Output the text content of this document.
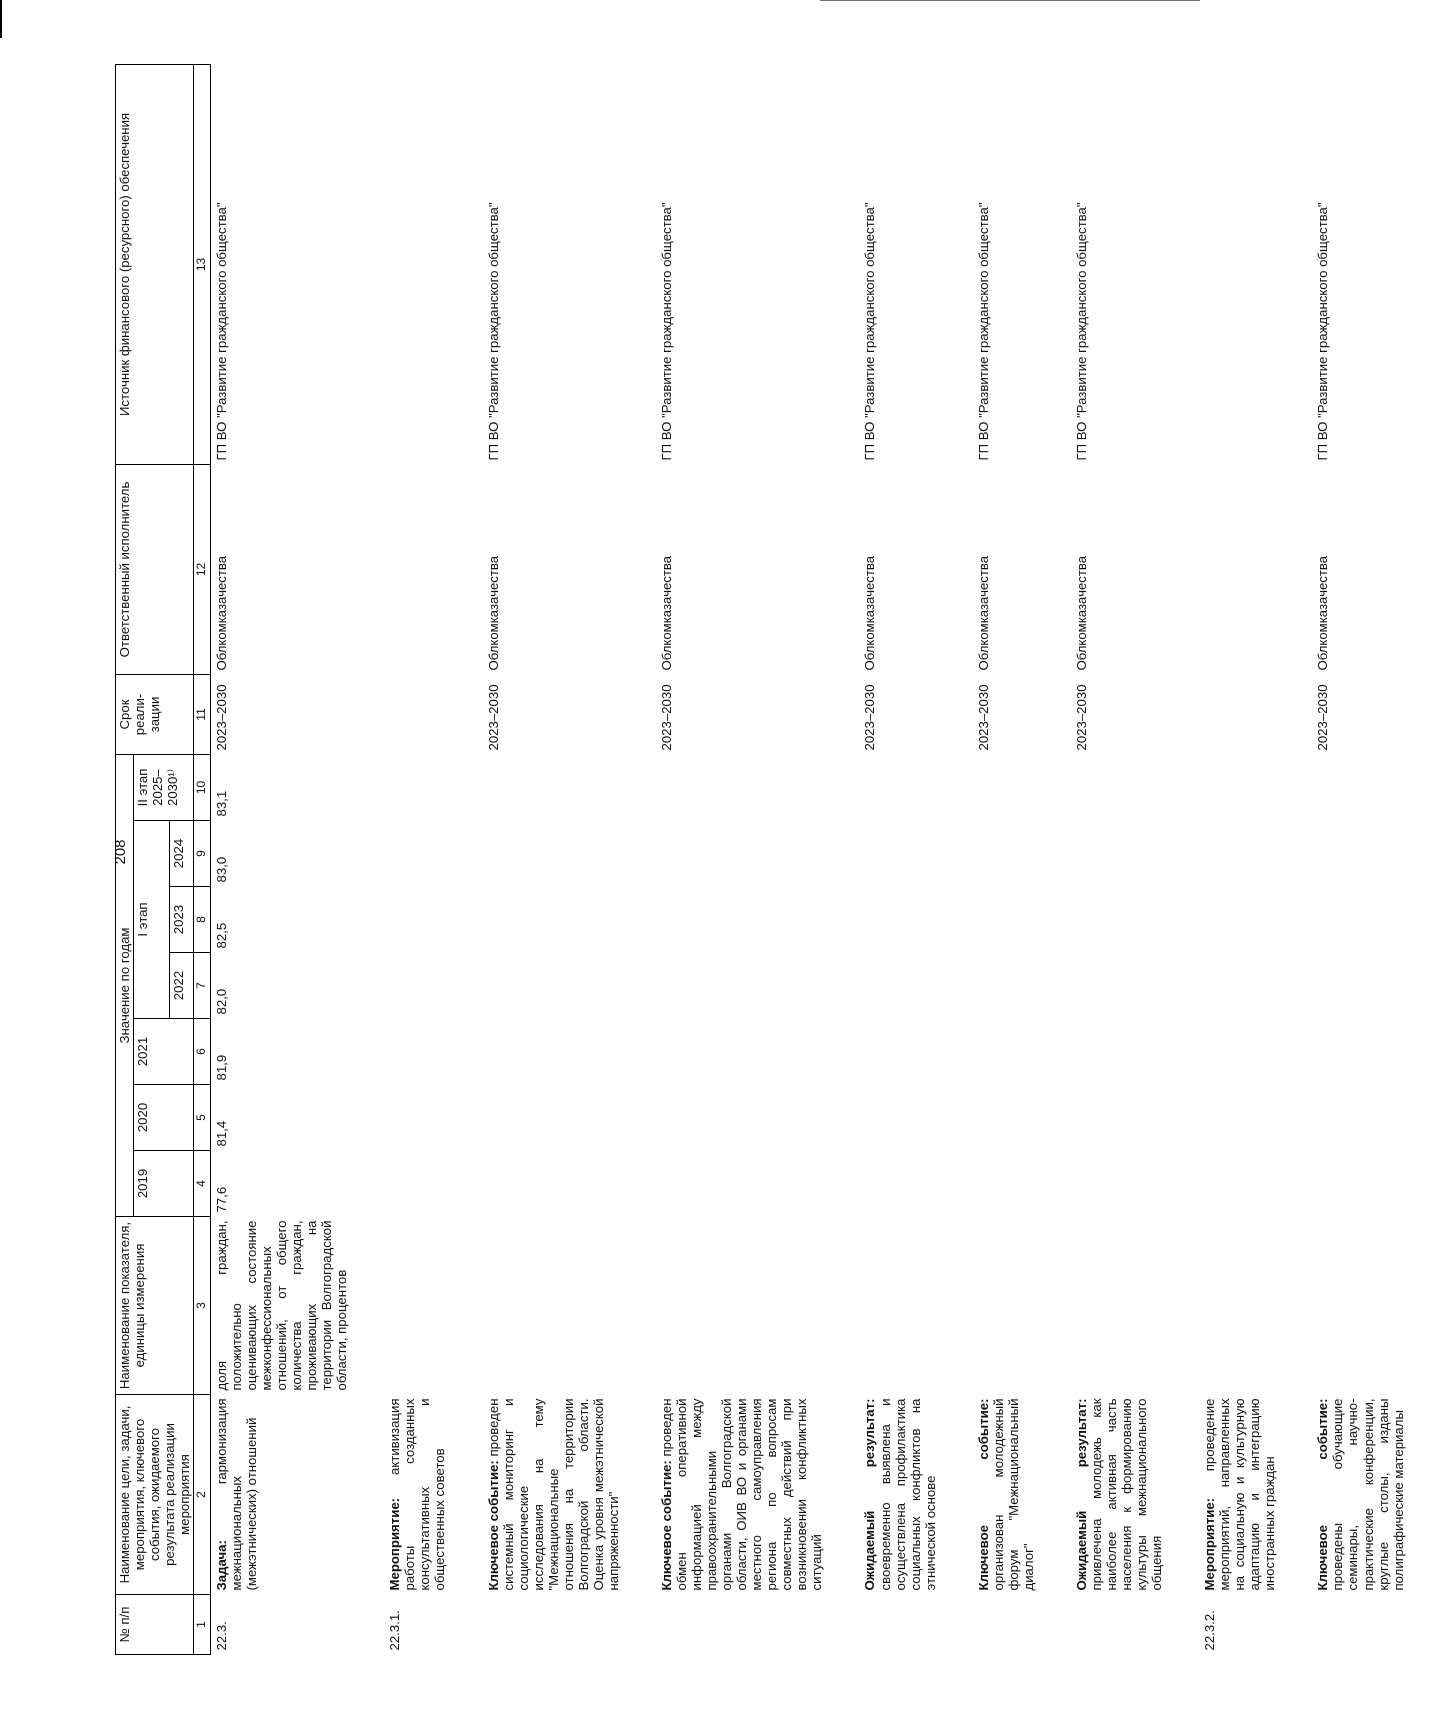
208
№ п/п	Наименование цели, задачи, мероприятия, ключевого события, ожидаемого результата реализации мероприятия	Наименование показателя, единицы измерения	Значение по годам							Срок реали-зации	Ответственный исполнитель	Источник финансового (ресурсного) обеспечения
			2019	2020	2021	I этап			II этап 2025–2030¹⁾			
						2022	2023	2024				
1	2	3	4	5	6	7	8	9	10	11	12	13
22.3.	Задача: гармонизация межнациональных (межэтнических) отношений	доля граждан, положительно оценивающих состояние межконфессиональных отношений, от общего количества граждан, проживающих на территории Волгоградской области, процентов	77,6	81,4	81,9	82,0	82,5	83,0	83,1	2023–2030	Облкомказачества	ГП ВО "Развитие гражданского общества"

22.3.1.	Мероприятие: активизация работы созданных консультативных и общественных советов											

	Ключевое событие: проведен системный мониторинг и социологические исследования на тему "Межнациональные отношения на территории Волгоградской области. Оценка уровня межэтнической напряженности"									2023–2030	Облкомказачества	ГП ВО "Развитие гражданского общества"

	Ключевое событие: проведен обмен оперативной информацией между правоохранительными органами Волгоградской области, ОИВ ВО и органами местного самоуправления региона по вопросам совместных действий при возникновении конфликтных ситуаций									2023–2030	Облкомказачества	ГП ВО "Развитие гражданского общества"

	Ожидаемый результат: своевременно выявлена и осуществлена профилактика социальных конфликтов на этнической основе									2023–2030	Облкомказачества	ГП ВО "Развитие гражданского общества"

	Ключевое событие: организован молодежный форум "Межнациональный диалог"									2023–2030	Облкомказачества	ГП ВО "Развитие гражданского общества"

	Ожидаемый результат: привлечена молодежь как наиболее активная часть населения к формированию культуры межнационального общения									2023–2030	Облкомказачества	ГП ВО "Развитие гражданского общества"

22.3.2.	Мероприятие: проведение мероприятий, направленных на социальную и культурную адаптацию и интеграцию иностранных граждан											

	Ключевое событие: проведены обучающие семинары, научно-практические конференции, круглые столы, изданы полиграфические материалы									2023–2030	Облкомказачества	ГП ВО "Развитие гражданского общества"
